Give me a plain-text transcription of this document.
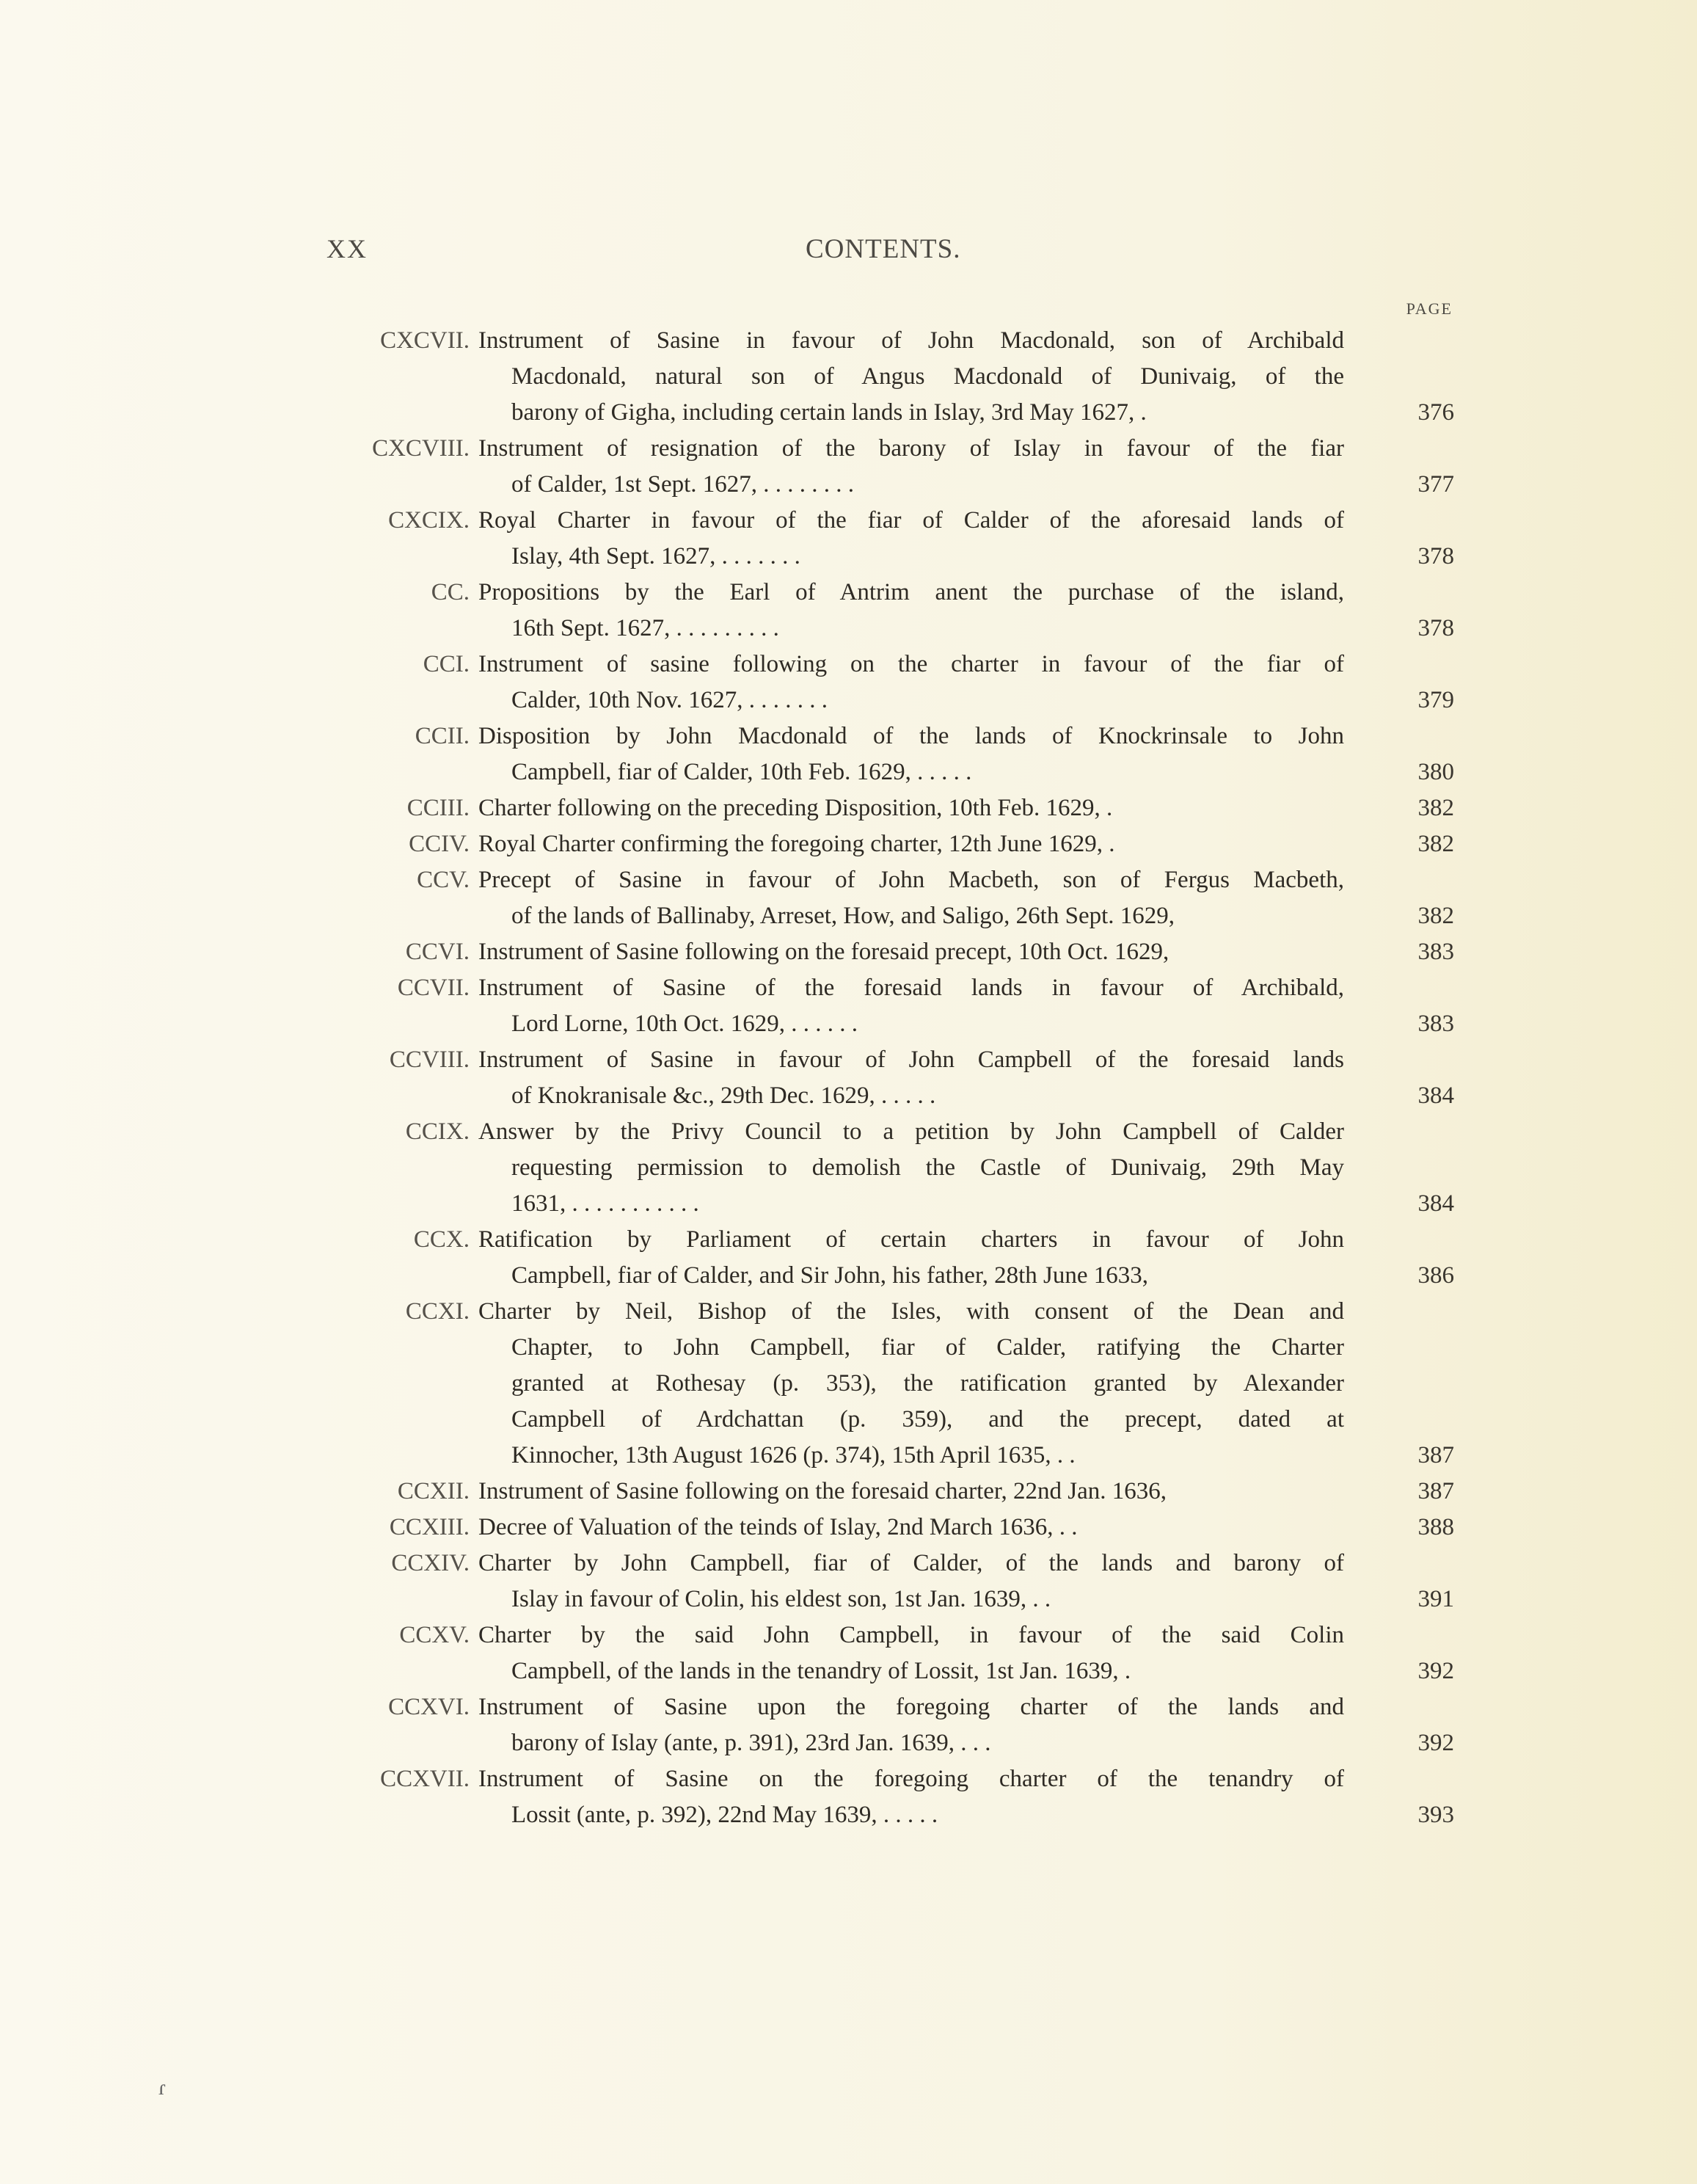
XX	CONTENTS.
PAGE
CXCVII. Instrument of Sasine in favour of John Macdonald, son of Archibald
Macdonald, natural son of Angus Macdonald of Dunivaig, of the
barony of Gigha, including certain lands in Islay, 3rd May 1627, .	376
CXCVIII. Instrument of resignation of the barony of Islay in favour of the fiar
of Calder, 1st Sept. 1627, . . . . . . . .	377
CXCIX. Royal Charter in favour of the fiar of Calder of the aforesaid lands of
Islay, 4th Sept. 1627, . . . . . . .	378
CC. Propositions by the Earl of Antrim anent the purchase of the island,
16th Sept. 1627, . . . . . . . . .	378
CCI. Instrument of sasine following on the charter in favour of the fiar of
Calder, 10th Nov. 1627, . . . . . . .	379
CCII. Disposition by John Macdonald of the lands of Knockrinsale to John
Campbell, fiar of Calder, 10th Feb. 1629, . . . . .	380
CCIII. Charter following on the preceding Disposition, 10th Feb. 1629, .	382
CCIV. Royal Charter confirming the foregoing charter, 12th June 1629, .	382
CCV. Precept of Sasine in favour of John Macbeth, son of Fergus Macbeth,
of the lands of Ballinaby, Arreset, How, and Saligo, 26th Sept. 1629,	382
CCVI. Instrument of Sasine following on the foresaid precept, 10th Oct. 1629,	383
CCVII. Instrument of Sasine of the foresaid lands in favour of Archibald,
Lord Lorne, 10th Oct. 1629, . . . . . .	383
CCVIII. Instrument of Sasine in favour of John Campbell of the foresaid lands
of Knokranisale &c., 29th Dec. 1629, . . . . .	384
CCIX. Answer by the Privy Council to a petition by John Campbell of Calder
requesting permission to demolish the Castle of Dunivaig, 29th May
1631, . . . . . . . . . . .	384
CCX. Ratification by Parliament of certain charters in favour of John
Campbell, fiar of Calder, and Sir John, his father, 28th June 1633,	386
CCXI. Charter by Neil, Bishop of the Isles, with consent of the Dean and
Chapter, to John Campbell, fiar of Calder, ratifying the Charter
granted at Rothesay (p. 353), the ratification granted by Alexander
Campbell of Ardchattan (p. 359), and the precept, dated at
Kinnocher, 13th August 1626 (p. 374), 15th April 1635, . .	387
CCXII. Instrument of Sasine following on the foresaid charter, 22nd Jan. 1636,	387
CCXIII. Decree of Valuation of the teinds of Islay, 2nd March 1636, . .	388
CCXIV. Charter by John Campbell, fiar of Calder, of the lands and barony of
Islay in favour of Colin, his eldest son, 1st Jan. 1639, . .	391
CCXV. Charter by the said John Campbell, in favour of the said Colin
Campbell, of the lands in the tenandry of Lossit, 1st Jan. 1639, .	392
CCXVI. Instrument of Sasine upon the foregoing charter of the lands and
barony of Islay (ante, p. 391), 23rd Jan. 1639, . . .	392
CCXVII. Instrument of Sasine on the foregoing charter of the tenandry of
Lossit (ante, p. 392), 22nd May 1639, . . . . .	393
ɾ
